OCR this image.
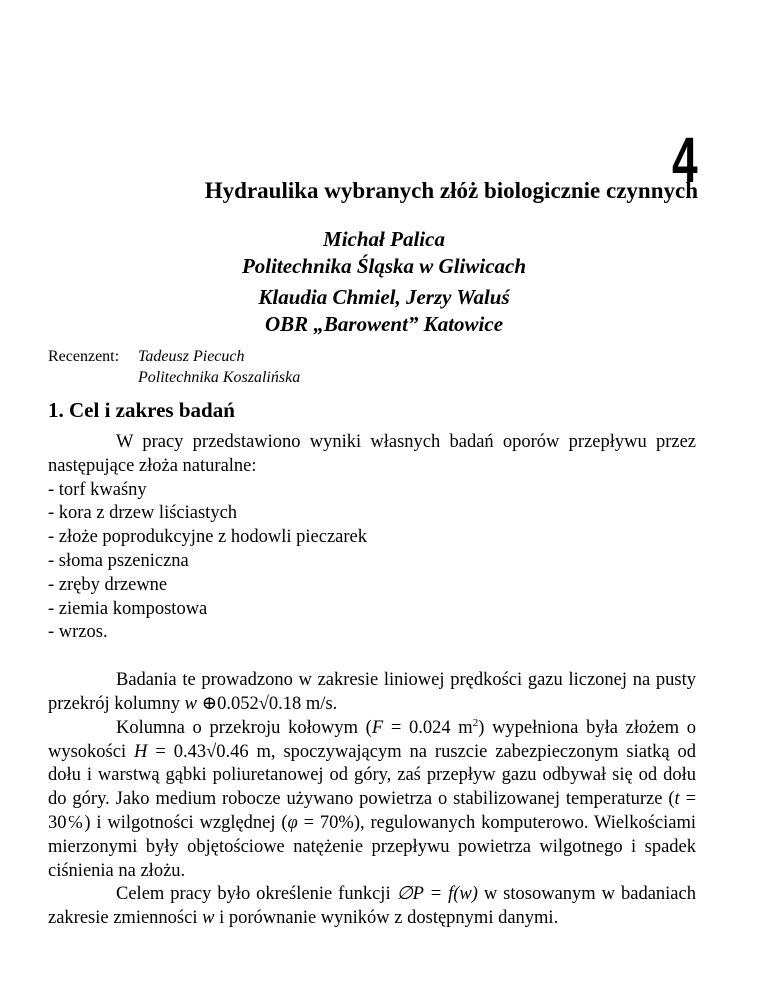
4
Hydraulika wybranych złóż biologicznie czynnych
Michał Palica
Politechnika Śląska w Gliwicach
Klaudia Chmiel, Jerzy Waluś
OBR „Barowent” Katowice
Recenzent: Tadeusz Piecuch
Politechnika Koszalińska
1. Cel i zakres badań

W pracy przedstawiono wyniki własnych badań oporów przepływu przez następujące złoża naturalne:

- torf kwaśny
- kora z drzew liściastych
- złoże poprodukcyjne z hodowli pieczarek
- słoma pszeniczna
- zręby drzewne
- ziemia kompostowa
- wrzos.

Badania te prowadzono w zakresie liniowej prędkości gazu liczonej na pusty przekrój kolumny w ⊕0.052√0.18 m/s.

Kolumna o przekroju kołowym (F = 0.024 $m^2$) wypełniona była złożem o wysokości H = 0.43√0.46 m, spoczywającym na ruszcie zabezpieczonym siatką od dołu i warstwą gąbki poliuretanowej od góry, zaś przepływ gazu odbywał się od dołu do góry. Jako medium robocze używano powietrza o stabilizowanej temperaturze (t = 30℅) i wilgotności względnej (φ = 70%), regulowanych komputerowo. Wielkościami mierzonymi były objętościowe natężenie przepływu powietrza wilgotnego i spadek ciśnienia na złożu.

Celem pracy było określenie funkcji ∅P = f(w) w stosowanym w badaniach zakresie zmienności w i porównanie wyników z dostępnymi danymi.
